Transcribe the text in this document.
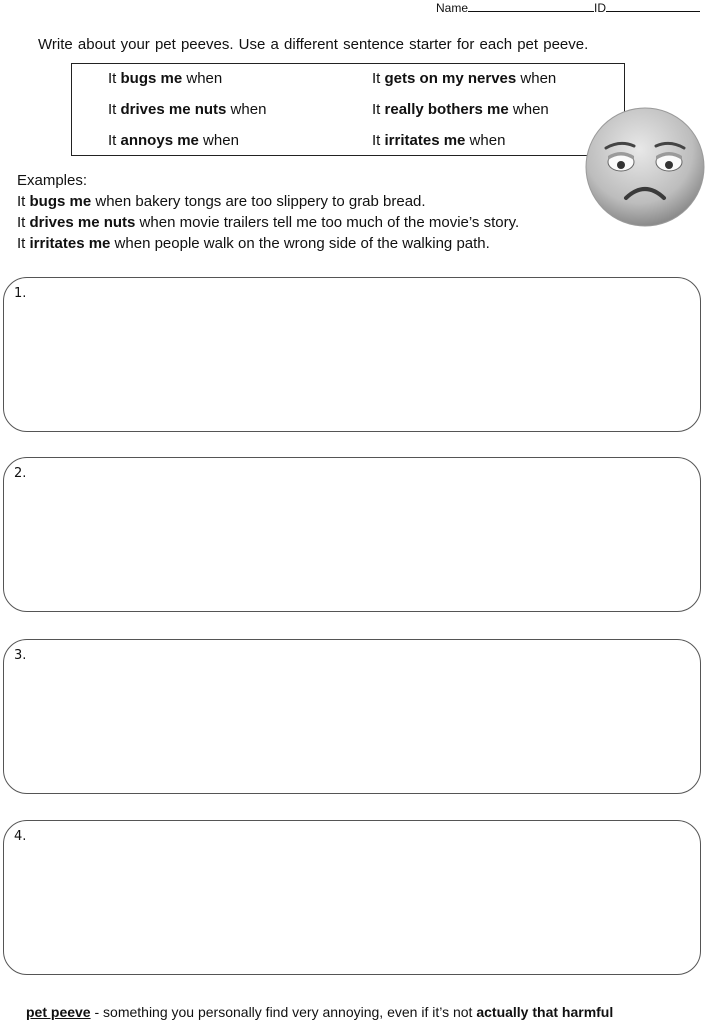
Name	ID
Write about your pet peeves. Use a different sentence starter for each pet peeve.
It bugs me when	It gets on my nerves when
It drives me nuts when	It really bothers me when
It annoys me when	It irritates me when
Examples:
It bugs me when bakery tongs are too slippery to grab bread.
It drives me nuts when movie trailers tell me too much of the movie’s story.
It irritates me when people walk on the wrong side of the walking path.
1.
2.
3.
4.
pet peeve - something you personally find very annoying, even if it’s not actually that harmful
